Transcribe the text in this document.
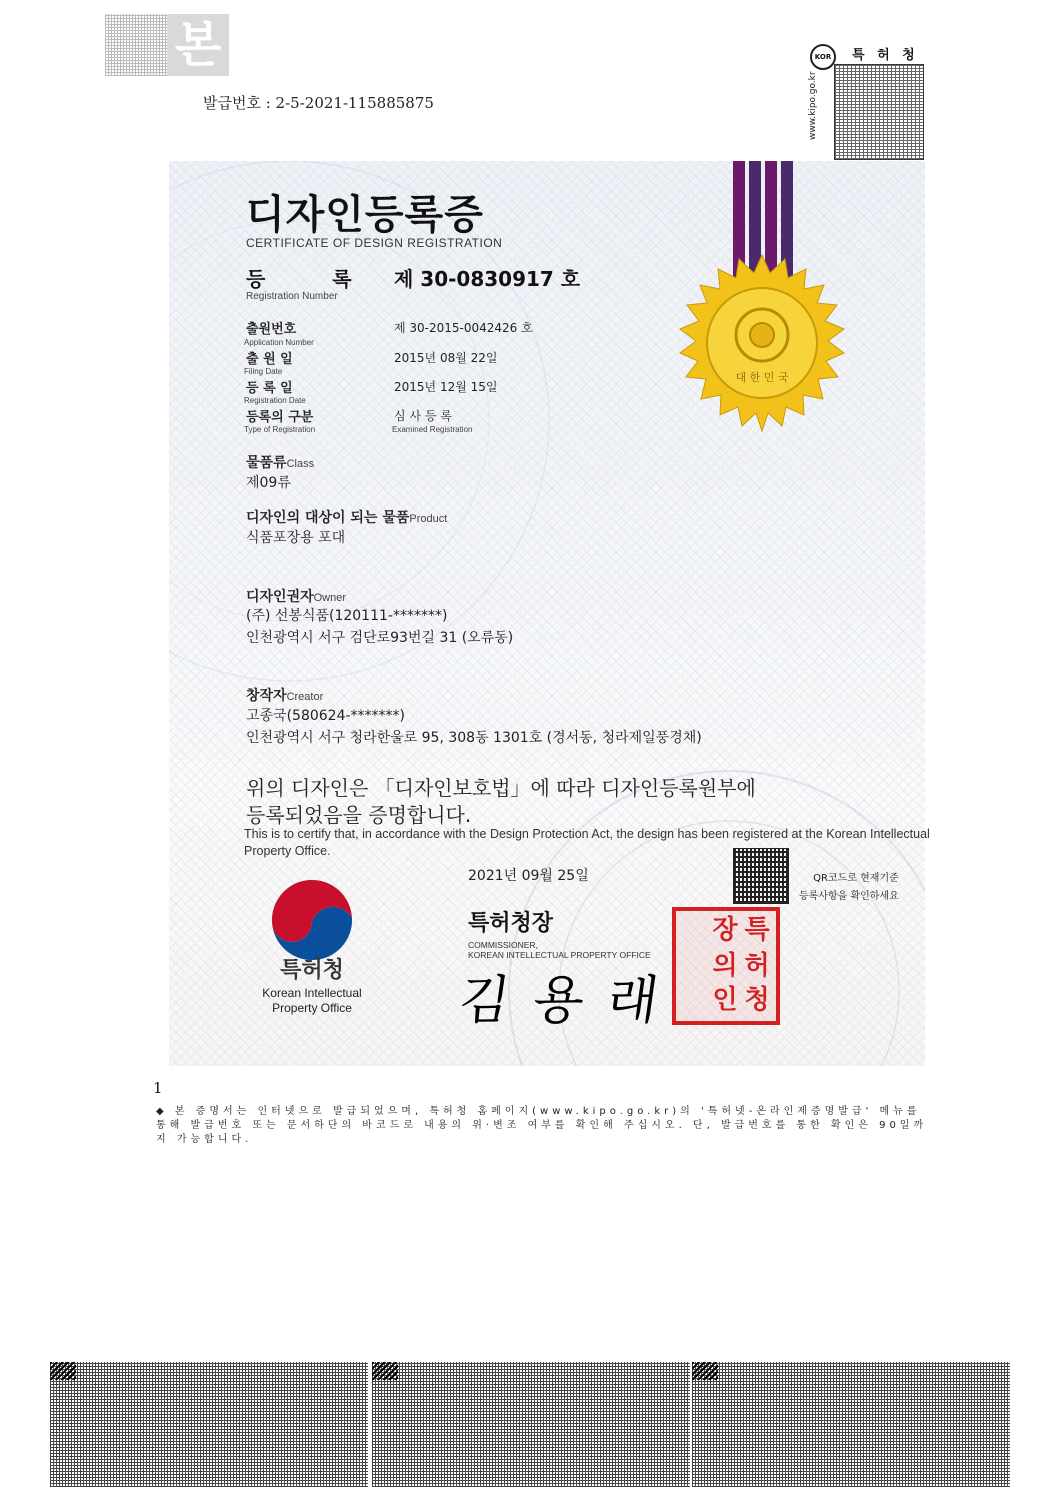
본
발급번호 : 2-5-2021-115885875
KOR
www.kipo.go.kr
특 허 청
대 한 민 국
디자인등록증
CERTIFICATE OF DESIGN REGISTRATION
등 록
Registration Number
제 30-0830917 호
출원번호
Application Number
제 30-2015-0042426 호
출 원 일
Filing Date
2015년 08월 22일
등 록 일
Registration Date
2015년 12월 15일
등록의 구분
Type of Registration
심 사 등 록
Examined Registration
물품류Class
제09류
디자인의 대상이 되는 물품Product
식품포장용 포대
디자인권자Owner
(주) 선봉식품(120111-*******)
인천광역시 서구 검단로93번길 31 (오류동)
창작자Creator
고종국(580624-*******)
인천광역시 서구 청라한울로 95, 308동 1301호 (경서동, 청라제일풍경채)
위의 디자인은 「디자인보호법」에 따라 디자인등록원부에
등록되었음을 증명합니다.
This is to certify that, in accordance with the Design Protection Act, the design has been registered at the Korean Intellectual Property Office.
특허청
Korean Intellectual
Property Office
2021년 09월 25일	QR코드로 현재기준
등록사항을 확인하세요
특허청장
COMMISSIONER,
KOREAN INTELLECTUAL PROPERTY OFFICE
김용래
특
허
청
장
의
인
1
◆ 본 증명서는 인터넷으로 발급되었으며, 특허청 홈페이지(www.kipo.go.kr)의 '특허넷-온라인제증명발급' 메뉴를 통해 발급번호 또는 문서하단의 바코드로 내용의 위·변조 여부를 확인해 주십시오. 단, 발급번호를 통한 확인은 90일까지 가능합니다.
